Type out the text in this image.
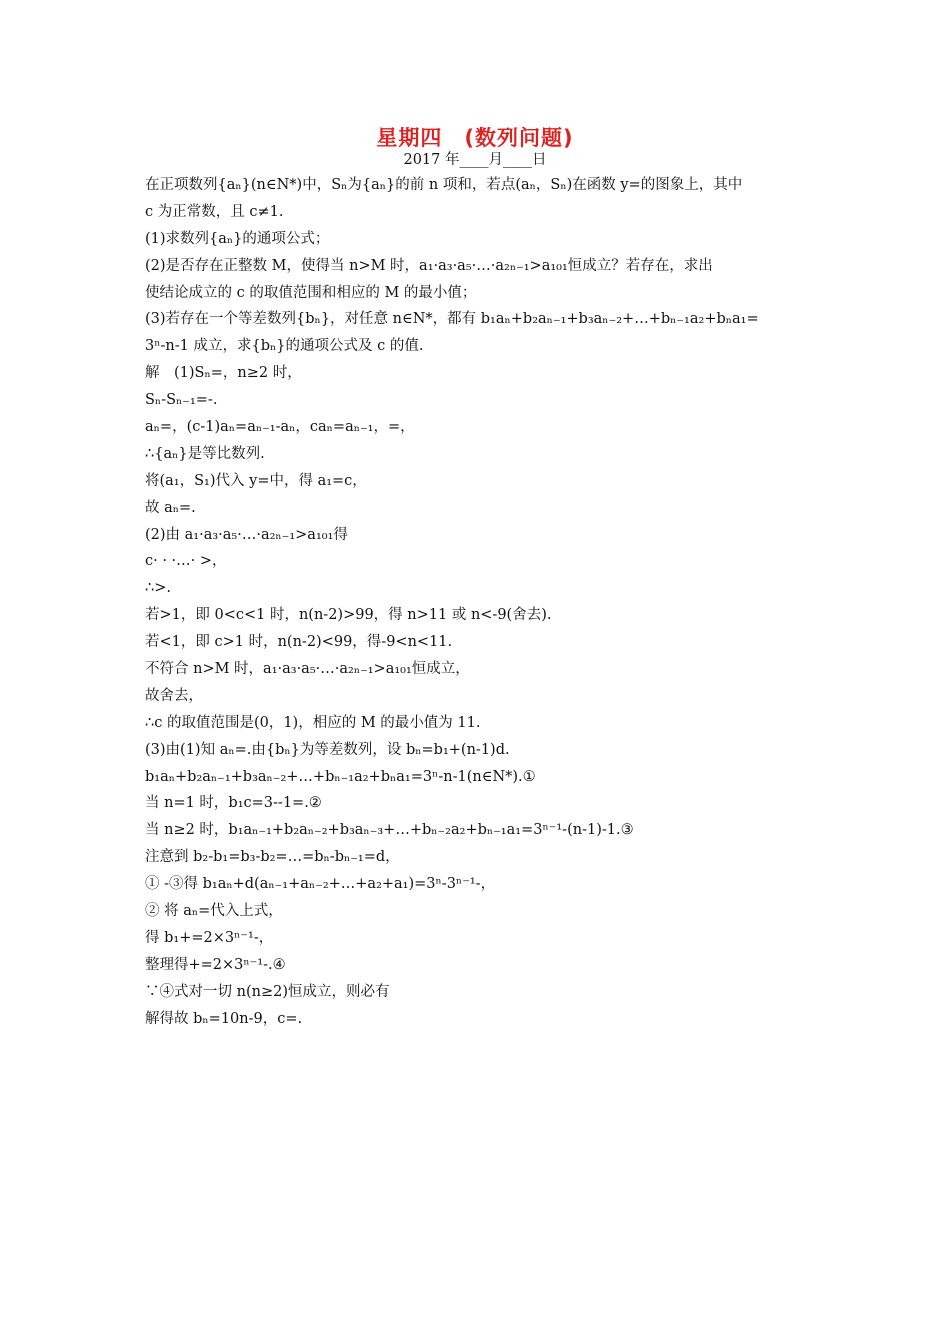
星期四　(数列问题)
2017 年____月____日
在正项数列{aₙ}(n∈N*)中，Sₙ为{aₙ}的前 n 项和，若点(aₙ，Sₙ)在函数 y=的图象上，其中
c 为正常数，且 c≠1.
(1)求数列{aₙ}的通项公式；
(2)是否存在正整数 M，使得当 n>M 时，a₁·a₃·a₅·…·a₂ₙ₋₁>a₁₀₁恒成立？若存在，求出
使结论成立的 c 的取值范围和相应的 M 的最小值；
(3)若存在一个等差数列{bₙ}，对任意 n∈N*，都有 b₁aₙ+b₂aₙ₋₁+b₃aₙ₋₂+…+bₙ₋₁a₂+bₙa₁=
3ⁿ-n-1 成立，求{bₙ}的通项公式及 c 的值.
解　(1)Sₙ=，n≥2 时，
Sₙ-Sₙ₋₁=-.
aₙ=，(c-1)aₙ=aₙ₋₁-aₙ，caₙ=aₙ₋₁，=，
∴{aₙ}是等比数列.
将(a₁，S₁)代入 y=中，得 a₁=c，
故 aₙ=.
(2)由 a₁·a₃·a₅·…·a₂ₙ₋₁>a₁₀₁得
c· · ·…· >，
∴>.
若>1，即 0<c<1 时，n(n-2)>99，得 n>11 或 n<-9(舍去).
若<1，即 c>1 时，n(n-2)<99，得-9<n<11.
不符合 n>M 时，a₁·a₃·a₅·…·a₂ₙ₋₁>a₁₀₁恒成立，
故舍去，
∴c 的取值范围是(0，1)，相应的 M 的最小值为 11.
(3)由(1)知 aₙ=.由{bₙ}为等差数列，设 bₙ=b₁+(n-1)d.
b₁aₙ+b₂aₙ₋₁+b₃aₙ₋₂+…+bₙ₋₁a₂+bₙa₁=3ⁿ-n-1(n∈N*).①
当 n=1 时，b₁c=3--1=.②
当 n≥2 时，b₁aₙ₋₁+b₂aₙ₋₂+b₃aₙ₋₃+…+bₙ₋₂a₂+bₙ₋₁a₁=3ⁿ⁻¹-(n-1)-1.③
注意到 b₂-b₁=b₃-b₂=…=bₙ-bₙ₋₁=d，
① -③得 b₁aₙ+d(aₙ₋₁+aₙ₋₂+…+a₂+a₁)=3ⁿ-3ⁿ⁻¹-，
② 将 aₙ=代入上式，
得 b₁+=2×3ⁿ⁻¹-，
整理得+=2×3ⁿ⁻¹-.④
∵④式对一切 n(n≥2)恒成立，则必有
解得故 bₙ=10n-9，c=.
